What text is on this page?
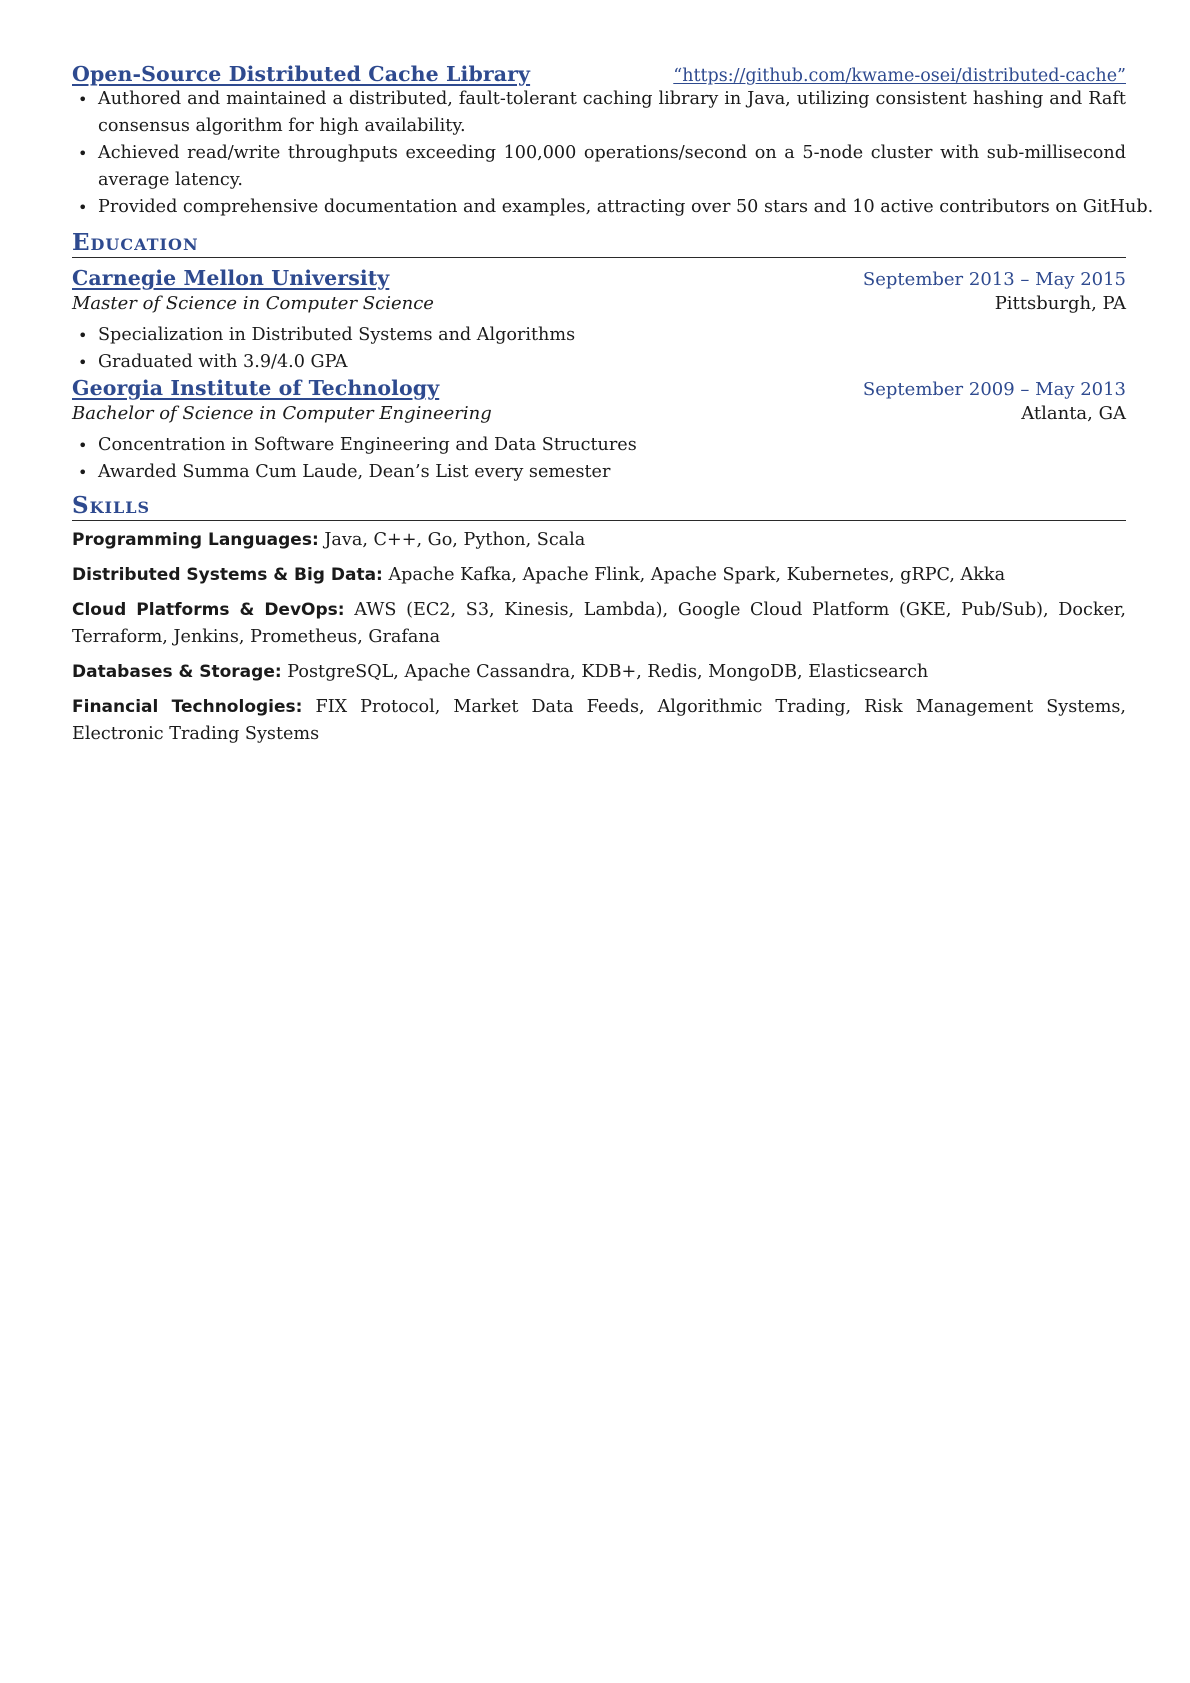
Open-Source Distributed Cache Library	“https://github.com/kwame-osei/distributed-cache”
• Authored and maintained a distributed, fault-tolerant caching library in Java, utilizing consistent hashing and Raft consensus algorithm for high availability.
• Achieved read/write throughputs exceeding 100,000 operations/second on a 5-node cluster with sub-millisecond average latency.
• Provided comprehensive documentation and examples, attracting over 50 stars and 10 active contributors on GitHub.
Education
Carnegie Mellon University	September 2013 – May 2015
Master of Science in Computer Science	Pittsburgh, PA
• Specialization in Distributed Systems and Algorithms
• Graduated with 3.9/4.0 GPA
Georgia Institute of Technology	September 2009 – May 2013
Bachelor of Science in Computer Engineering	Atlanta, GA
• Concentration in Software Engineering and Data Structures
• Awarded Summa Cum Laude, Dean’s List every semester
Skills
Programming Languages: Java, C++, Go, Python, Scala
Distributed Systems & Big Data: Apache Kafka, Apache Flink, Apache Spark, Kubernetes, gRPC, Akka
Cloud Platforms & DevOps: AWS (EC2, S3, Kinesis, Lambda), Google Cloud Platform (GKE, Pub/Sub), Docker, Terraform, Jenkins, Prometheus, Grafana
Databases & Storage: PostgreSQL, Apache Cassandra, KDB+, Redis, MongoDB, Elasticsearch
Financial Technologies: FIX Protocol, Market Data Feeds, Algorithmic Trading, Risk Management Systems, Electronic Trading Systems
